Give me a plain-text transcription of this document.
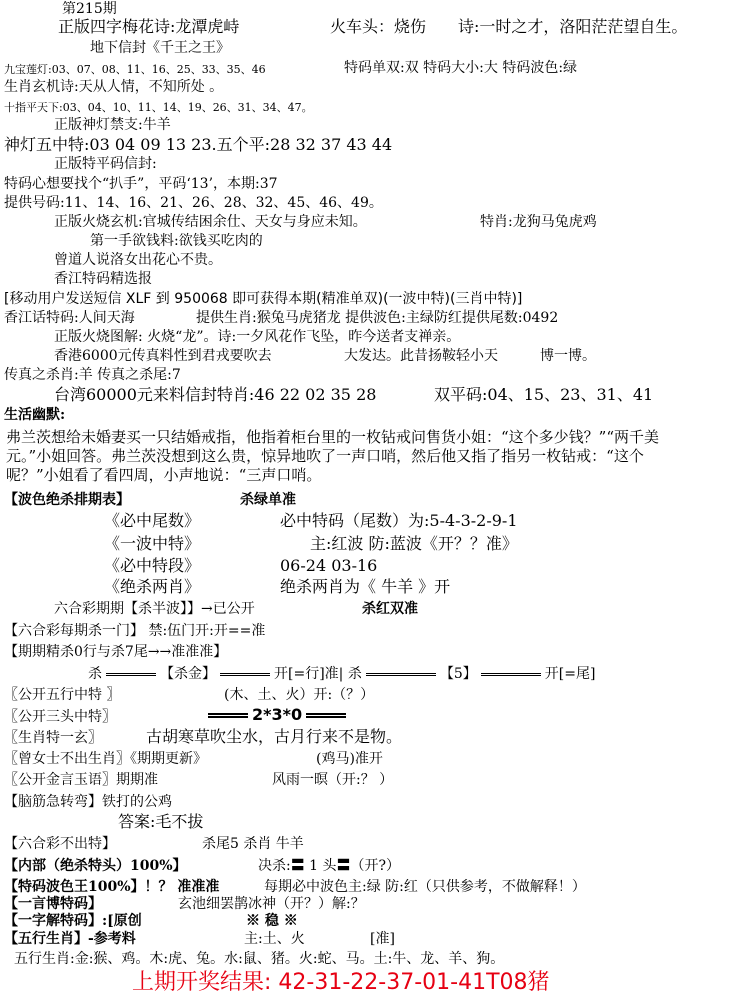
第215期
正版四字梅花诗:龙潭虎峙	火车头：烧伤 诗:一时之才，洛阳茫茫望自生。
地下信封《千王之王》
九宝莲灯:03、07、08、11、16、25、33、35、46	特码单双:双 特码大小:大 特码波色:绿
生肖玄机诗:天从人情，不知所处 。
十指平天下:03、04、10、11、14、19、26、31、34、47。
正版神灯禁支:牛羊
神灯五中特:03 04 09 13 23.五个平:28 32 37 43 44
正版特平码信封:
特码心想要找个“扒手”，平码‘13’，本期:37
提供号码:11、14、16、21、26、28、32、45、46、49。
正版火烧玄机:官城传结困余仕、天女与身应未知。	特肖:龙狗马兔虎鸡
第一手欲钱料:欲钱买吃肉的
曾道人说洛女出花心不贵。
香江特码精选报
[移动用户发送短信 XLF 到 950068 即可获得本期(精准单双)(一波中特)(三肖中特)]
香江话特码:人间天海	提供生肖:猴兔马虎猪龙 提供波色:主绿防红提供尾数:0492
正版火烧图解: 火烧“龙”。诗:一夕风花作飞坠，昨今送者支禅亲。
香港6000元传真料性到君戎要吹去	大发达。此昔扬鞍轻小天	博一博。
传真之杀肖:羊 传真之杀尾:7
台湾60000元来料信封特肖:46 22 02 35 28	双平码:04、15、23、31、41
生活幽默:
弗兰茨想给未婚妻买一只结婚戒指，他指着柜台里的一枚钻戒问售货小姐：“这个多少钱？”“两千美元。”小姐回答。弗兰茨没想到这么贵，惊异地吹了一声口哨，然后他又指了指另一枚钻戒：“这个呢？”小姐看了看四周，小声地说：“三声口哨。
【波色绝杀排期表】	杀绿单准
《必中尾数》	必中特码（尾数）为:5-4-3-2-9-1
《一波中特》	主:红波 防:蓝波《开？？准》
《必中特段》	06-24 03-16
《绝杀两肖》	绝杀两肖为《 牛羊 》开
六合彩期期【杀半波】】→已公开	杀红双准
【六合彩每期杀一门】 禁:伍门开:开==准
【期期精杀0行与杀7尾→→准准准】
杀	【杀金】	开[=行]准| 杀	【5】	开[=尾]
〖公开五行中特 〗	(木、土、火）开:（？）
〖公开三头中特〗	2*3*0
〖生肖特一玄〗	古胡寒草吹尘水，古月行来不是物。
〖曾女士不出生肖〗《期期更新》	(鸡马)准开
〖公开金言玉语〗期期准	风雨一暝（开:？ ）
【脑筋急转弯】铁打的公鸡
答案:毛不拔
【六合彩不出特】	杀尾5 杀肖 牛羊
【内部（绝杀特头）100%】	决杀:〓 1 头〓（开?）
【特码波色王100%】！？ 准准准	每期必中波色主:绿 防:红（只供参考，不做解释！）
【一言博特码】	玄池细罢鹊冰神（开？）解:？
【一字解特码】:[原创	※ 稳 ※
【五行生肖】-参考料	主:土、火	[准]
五行生肖:金:猴、鸡。木:虎、兔。水:鼠、猪。火:蛇、马。土:牛、龙、羊、狗。
上期开奖结果: 42-31-22-37-01-41T08猪
